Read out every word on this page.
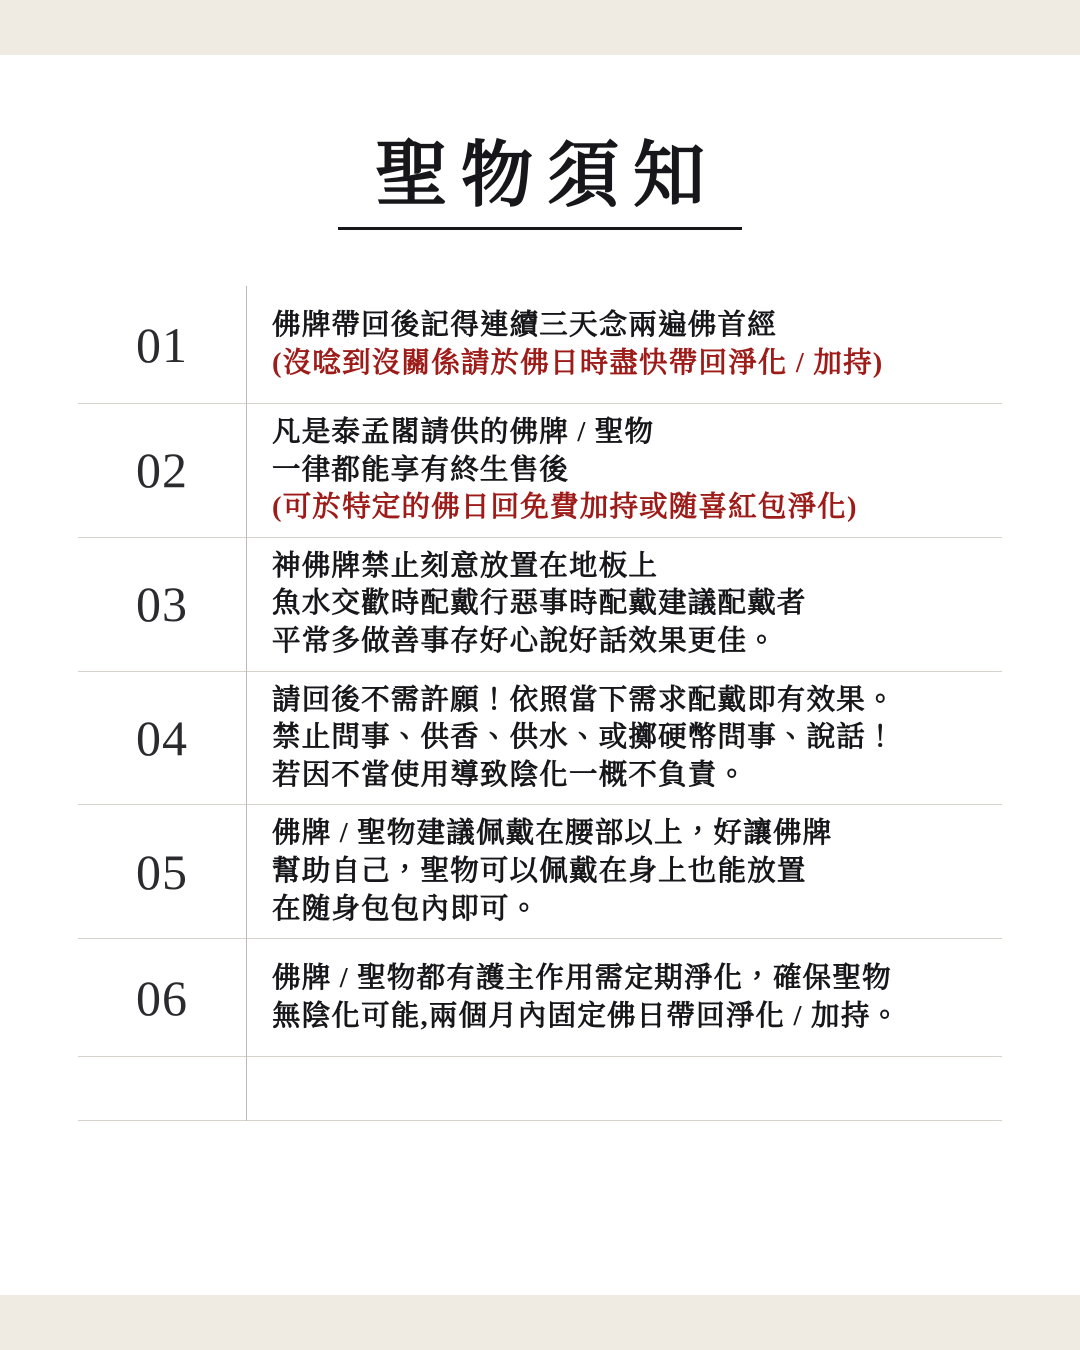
聖物須知
01	佛牌帶回後記得連續三天念兩遍佛首經
(沒唸到沒關係請於佛日時盡快帶回淨化 / 加持)
02
凡是泰孟閣請供的佛牌 / 聖物
一律都能享有終生售後
(可於特定的佛日回免費加持或随喜紅包淨化)
03
神佛牌禁止刻意放置在地板上
魚水交歡時配戴行惡事時配戴建議配戴者
平常多做善事存好心說好話效果更佳。
04
請回後不需許願！依照當下需求配戴即有效果。
禁止問事、供香、供水、或擲硬幣問事、說話！
若因不當使用導致陰化一概不負責。
05
佛牌 / 聖物建議佩戴在腰部以上，好讓佛牌
幫助自己，聖物可以佩戴在身上也能放置
在随身包包內即可。
06	佛牌 / 聖物都有護主作用需定期淨化，確保聖物
無陰化可能,兩個月內固定佛日帶回淨化 / 加持。
